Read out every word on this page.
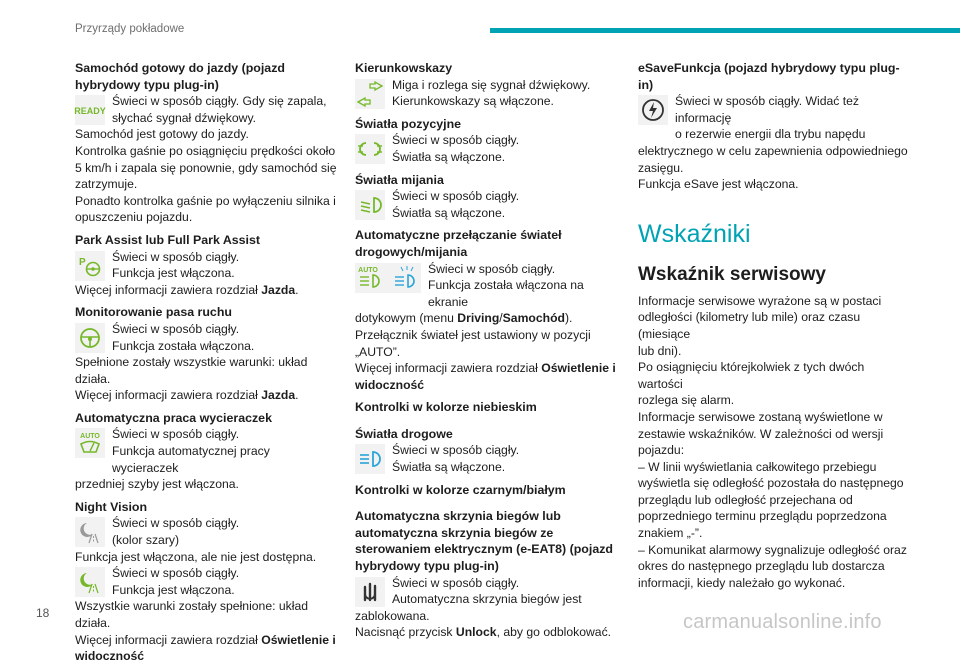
Przyrządy pokładowe
Samochód gotowy do jazdy (pojazd hybrydowy typu plug-in)
READY

Świeci w sposób ciągły. Gdy się zapala,

słychać sygnał dźwiękowy.

Samochód jest gotowy do jazdy.

Kontrolka gaśnie po osiągnięciu prędkości około

5 km/h i zapala się ponownie, gdy samochód się

zatrzymuje.

Ponadto kontrolka gaśnie po wyłączeniu silnika i

opuszczeniu pojazdu.

Park Assist lub Full Park Assist
P Świeci w sposób ciągły.

Funkcja jest włączona.

Więcej informacji zawiera rozdział Jazda.

Monitorowanie pasa ruchu

Świeci w sposób ciągły.

Funkcja została włączona.

Spełnione zostały wszystkie warunki: układ działa.

Więcej informacji zawiera rozdział Jazda.

Automatyczna praca wycieraczek
AUTO Świeci w sposób ciągły.

Funkcja automatycznej pracy wycieraczek

przedniej szyby jest włączona.

Night Vision

Świeci w sposób ciągły.

(kolor szary)

Funkcja jest włączona, ale nie jest dostępna.

Świeci w sposób ciągły.

Funkcja jest włączona.

Wszystkie warunki zostały spełnione: układ działa.

Więcej informacji zawiera rozdział Oświetlenie i widoczność

Kierunkowskazy

Miga i rozlega się sygnał dźwiękowy.

Kierunkowskazy są włączone.

Światła pozycyjne

Świeci w sposób ciągły.

Światła są włączone.

Światła mijania

Świeci w sposób ciągły.

Światła są włączone.

Automatyczne przełączanie świateł drogowych/mijania
AUTO	Świeci w sposób ciągły.

Funkcja została włączona na ekranie

dotykowym (menu Driving/Samochód).

Przełącznik świateł jest ustawiony w pozycji „AUTO”.

Więcej informacji zawiera rozdział Oświetlenie i widoczność

Kontrolki w kolorze niebieskim
Światła drogowe

Świeci w sposób ciągły.

Światła są włączone.

Kontrolki w kolorze czarnym/białym
Automatyczna skrzynia biegów lub automatyczna skrzynia biegów ze sterowaniem elektrycznym (e-EAT8) (pojazd hybrydowy typu plug-in)

Świeci w sposób ciągły.

Automatyczna skrzynia biegów jest

zablokowana.

Nacisnąć przycisk Unlock, aby go odblokować.

eSaveFunkcja (pojazd hybrydowy typu plug-in)

Świeci w sposób ciągły. Widać też informację

o rezerwie energii dla trybu napędu

elektrycznego w celu zapewnienia odpowiedniego

zasięgu.

Funkcja eSave jest włączona.

Wskaźniki
Wskaźnik serwisowy

Informacje serwisowe wyrażone są w postaci

odległości (kilometry lub mile) oraz czasu (miesiące

lub dni).

Po osiągnięciu którejkolwiek z tych dwóch wartości

rozlega się alarm.

Informacje serwisowe zostaną wyświetlone w

zestawie wskaźników. W zależności od wersji

pojazdu:

– W linii wyświetlania całkowitego przebiegu

wyświetla się odległość pozostała do następnego

przeglądu lub odległość przejechana od

poprzedniego terminu przeglądu poprzedzona

znakiem „-”.

– Komunikat alarmowy sygnalizuje odległość oraz

okres do następnego przeglądu lub dostarcza

informacji, kiedy należało go wykonać.

18	carmanualsonline.info
